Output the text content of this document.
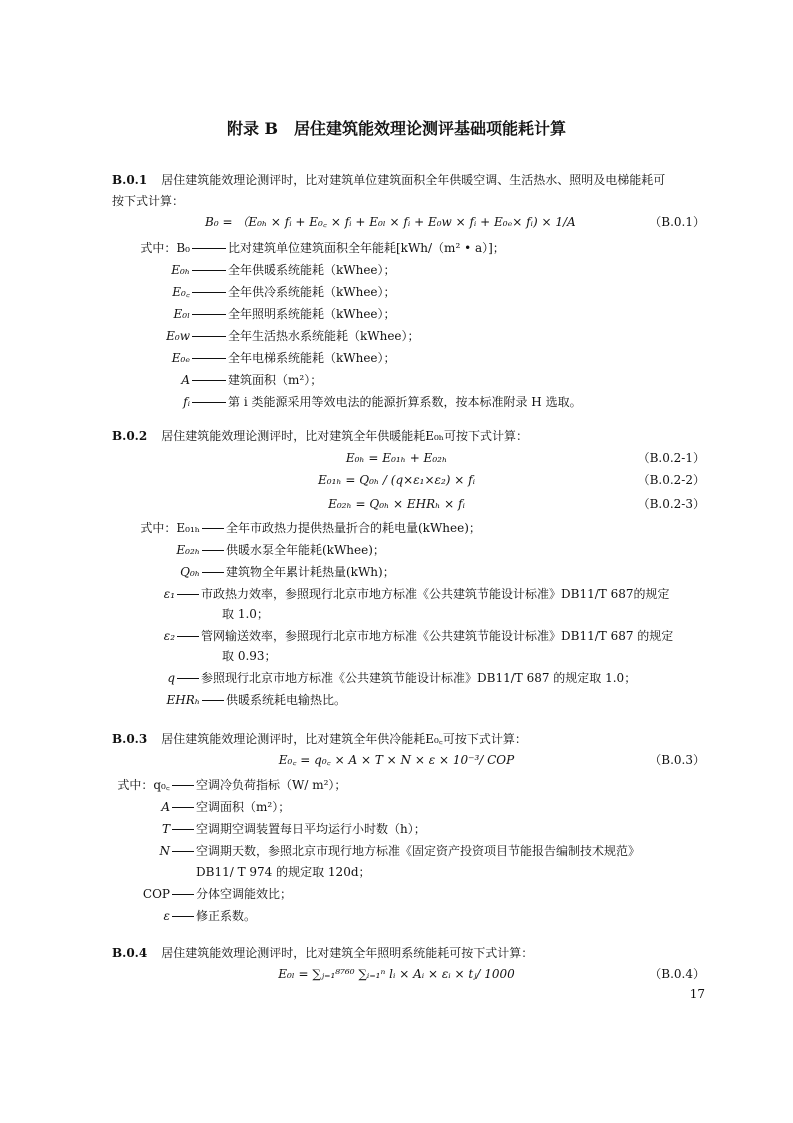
附录 B　居住建筑能效理论测评基础项能耗计算
B.0.1 居住建筑能效理论测评时，比对建筑单位建筑面积全年供暖空调、生活热水、照明及电梯能耗可
按下式计算：
B₀ = （E₀ₕ × fᵢ + E₀꜀ × fᵢ + E₀ₗ × fᵢ + E₀w × fᵢ + E₀ₑ× fᵢ) × 1/A	（B.0.1）
式中：B₀	比对建筑单位建筑面积全年能耗[kWh/（m² • a）]；
E₀ₕ	全年供暖系统能耗（kWhee）；
E₀꜀	全年供冷系统能耗（kWhee）；
E₀ₗ	全年照明系统能耗（kWhee）；
E₀w	全年生活热水系统能耗（kWhee）；
E₀ₑ	全年电梯系统能耗（kWhee）；
A	建筑面积（m²）；
fᵢ	第 i 类能源采用等效电法的能源折算系数，按本标准附录 H 选取。
B.0.2 居住建筑能效理论测评时，比对建筑全年供暖能耗E₀ₕ可按下式计算：
E₀ₕ = E₀₁ₕ + E₀₂ₕ	（B.0.2-1）
E₀₁ₕ = Q₀ₕ / (q×ε₁×ε₂) × fᵢ	（B.0.2-2）
E₀₂ₕ = Q₀ₕ × EHRₕ × fᵢ	（B.0.2-3）
式中：E₀₁ₕ	全年市政热力提供热量折合的耗电量(kWhee)；
E₀₂ₕ	供暖水泵全年能耗(kWhee)；
Q₀ₕ	建筑物全年累计耗热量(kWh)；
ε₁	市政热力效率，参照现行北京市地方标准《公共建筑节能设计标准》DB11/T 687的规定
取 1.0；
ε₂	管网输送效率，参照现行北京市地方标准《公共建筑节能设计标准》DB11/T 687 的规定
取 0.93；
q	参照现行北京市地方标准《公共建筑节能设计标准》DB11/T 687 的规定取 1.0；
EHRₕ	供暖系统耗电输热比。
B.0.3 居住建筑能效理论测评时，比对建筑全年供冷能耗E₀꜀可按下式计算：
E₀꜀ = q₀꜀ × A × T × N × ε × 10⁻³/ COP	（B.0.3）
式中：q₀꜀	空调冷负荷指标（W/ m²）；
A	空调面积（m²）；
T	空调期空调装置每日平均运行小时数（h）；
N	空调期天数，参照北京市现行地方标准《固定资产投资项目节能报告编制技术规范》
DB11/ T 974 的规定取 120d；
COP	分体空调能效比；
ε	修正系数。
B.0.4 居住建筑能效理论测评时，比对建筑全年照明系统能耗可按下式计算：
E₀ₗ = ∑ⱼ₌₁⁸⁷⁶⁰ ∑ᵢ₌₁ⁿ lᵢ × Aᵢ × εᵢ × tⱼ/ 1000	（B.0.4）
17
